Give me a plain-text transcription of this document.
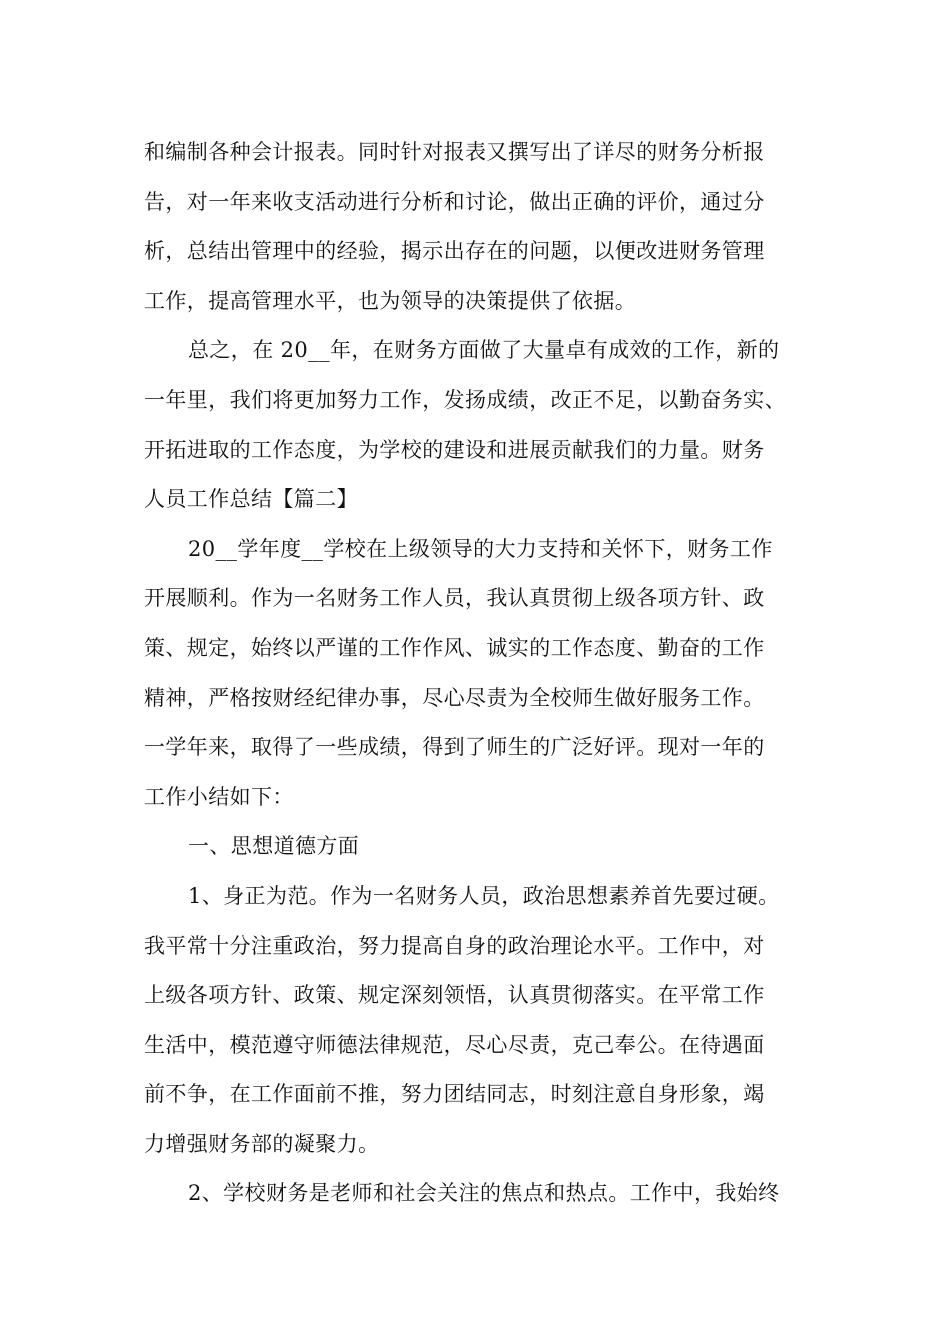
和编制各种会计报表。同时针对报表又撰写出了详尽的财务分析报
告，对一年来收支活动进行分析和讨论，做出正确的评价，通过分
析，总结出管理中的经验，揭示出存在的问题，以便改进财务管理
工作，提高管理水平，也为领导的决策提供了依据。
总之，在 20__年，在财务方面做了大量卓有成效的工作，新的
一年里，我们将更加努力工作，发扬成绩，改正不足，以勤奋务实、
开拓进取的工作态度，为学校的建设和进展贡献我们的力量。财务
人员工作总结【篇二】
20__学年度__学校在上级领导的大力支持和关怀下，财务工作
开展顺利。作为一名财务工作人员，我认真贯彻上级各项方针、政
策、规定，始终以严谨的工作作风、诚实的工作态度、勤奋的工作
精神，严格按财经纪律办事，尽心尽责为全校师生做好服务工作。
一学年来，取得了一些成绩，得到了师生的广泛好评。现对一年的
工作小结如下：
一、思想道德方面
1、身正为范。作为一名财务人员，政治思想素养首先要过硬。
我平常十分注重政治，努力提高自身的政治理论水平。工作中，对
上级各项方针、政策、规定深刻领悟，认真贯彻落实。在平常工作
生活中，模范遵守师德法律规范，尽心尽责，克己奉公。在待遇面
前不争，在工作面前不推，努力团结同志，时刻注意自身形象，竭
力增强财务部的凝聚力。
2、学校财务是老师和社会关注的焦点和热点。工作中，我始终
